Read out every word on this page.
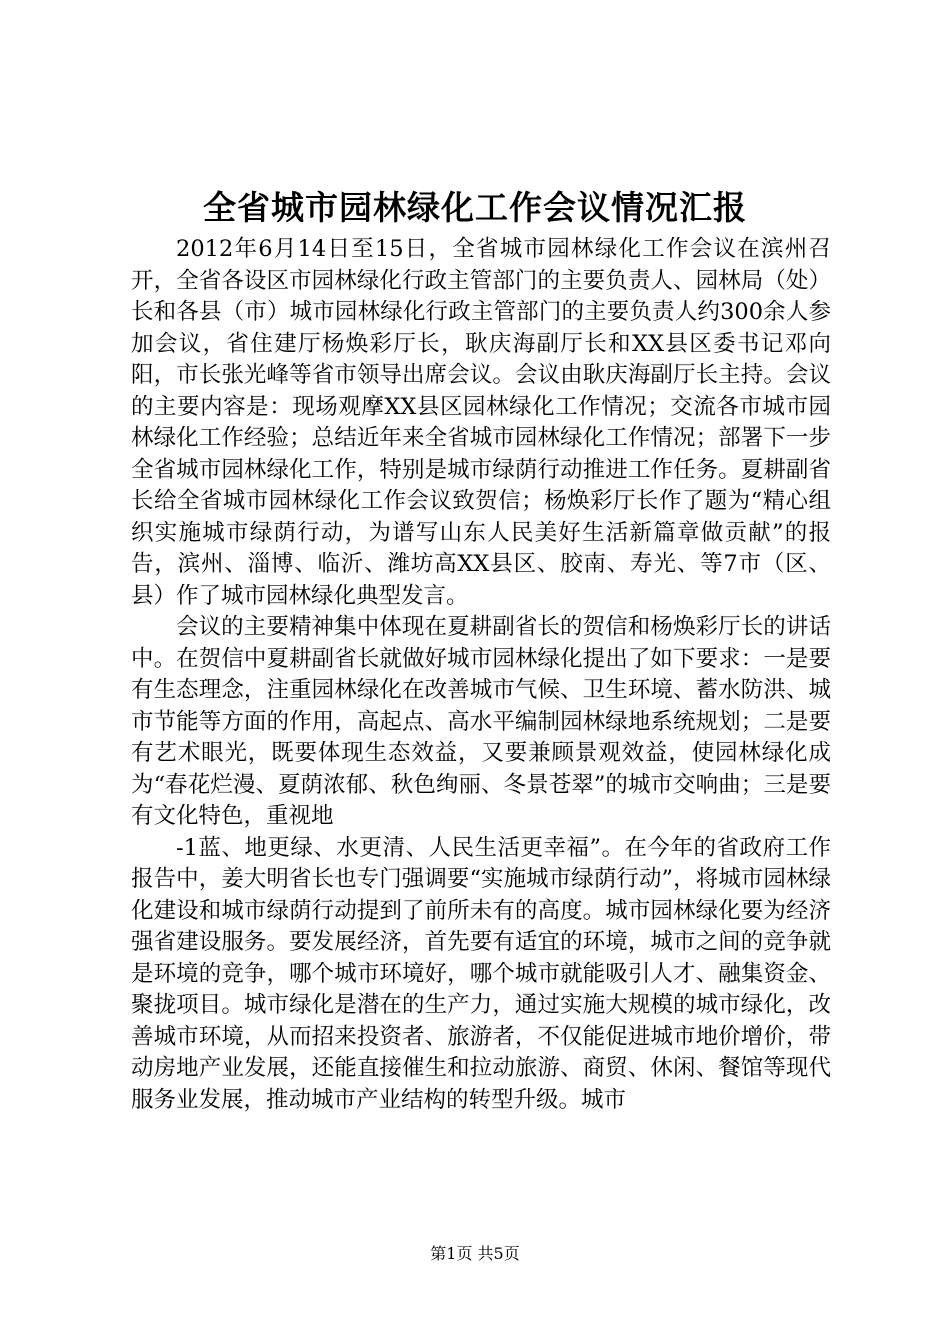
全省城市园林绿化工作会议情况汇报

2012年6月14日至15日，全省城市园林绿化工作会议在滨州召开，全省各设区市园林绿化行政主管部门的主要负责人、园林局（处）长和各县（市）城市园林绿化行政主管部门的主要负责人约300余人参加会议，省住建厅杨焕彩厅长，耿庆海副厅长和XX县区委书记邓向阳，市长张光峰等省市领导出席会议。会议由耿庆海副厅长主持。会议的主要内容是：现场观摩XX县区园林绿化工作情况；交流各市城市园林绿化工作经验；总结近年来全省城市园林绿化工作情况；部署下一步全省城市园林绿化工作，特别是城市绿荫行动推进工作任务。夏耕副省长给全省城市园林绿化工作会议致贺信；杨焕彩厅长作了题为“精心组织实施城市绿荫行动，为谱写山东人民美好生活新篇章做贡献”的报告，滨州、淄博、临沂、潍坊高XX县区、胶南、寿光、等7市（区、县）作了城市园林绿化典型发言。

会议的主要精神集中体现在夏耕副省长的贺信和杨焕彩厅长的讲话中。在贺信中夏耕副省长就做好城市园林绿化提出了如下要求：一是要有生态理念，注重园林绿化在改善城市气候、卫生环境、蓄水防洪、城市节能等方面的作用，高起点、高水平编制园林绿地系统规划；二是要有艺术眼光，既要体现生态效益，又要兼顾景观效益，使园林绿化成为“春花烂漫、夏荫浓郁、秋色绚丽、冬景苍翠”的城市交响曲；三是要有文化特色，重视地

-1蓝、地更绿、水更清、人民生活更幸福”。在今年的省政府工作报告中，姜大明省长也专门强调要“实施城市绿荫行动”，将城市园林绿化建设和城市绿荫行动提到了前所未有的高度。城市园林绿化要为经济强省建设服务。要发展经济，首先要有适宜的环境，城市之间的竞争就是环境的竞争，哪个城市环境好，哪个城市就能吸引人才、融集资金、聚拢项目。城市绿化是潜在的生产力，通过实施大规模的城市绿化，改善城市环境，从而招来投资者、旅游者，不仅能促进城市地价增价，带动房地产业发展，还能直接催生和拉动旅游、商贸、休闲、餐馆等现代服务业发展，推动城市产业结构的转型升级。城市

第1页 共5页
